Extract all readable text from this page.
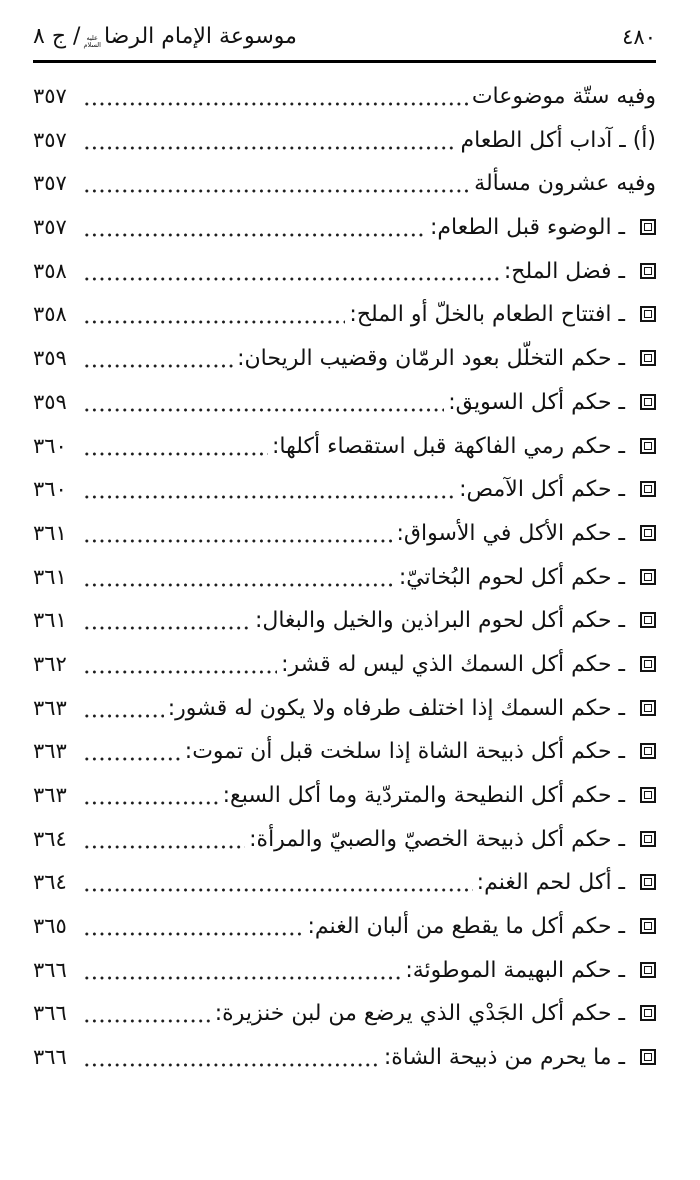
موسوعة الإمام الرضا
عليه
السلام
/ ج ٨	٤٨٠
وفيه ستّة موضوعات
٣٥٧
(أ) ـ آداب أكل الطعام
٣٥٧
وفيه عشرون مسألة
٣٥٧
ـ الوضوء قبل الطعام:
٣٥٧
ـ فضل الملح:
٣٥٨
ـ افتتاح الطعام بالخلّ أو الملح:
٣٥٨
ـ حكم التخلّل بعود الرمّان وقضيب الريحان:
٣٥٩
ـ حكم أكل السويق:
٣٥٩
ـ حكم رمي الفاكهة قبل استقصاء أكلها:
٣٦٠
ـ حكم أكل الآمص:
٣٦٠
ـ حكم الأكل في الأسواق:
٣٦١
ـ حكم أكل لحوم البُخاتيّ:
٣٦١
ـ حكم أكل لحوم البراذين والخيل والبغال:
٣٦١
ـ حكم أكل السمك الذي ليس له قشر:
٣٦٢
ـ حكم السمك إذا اختلف طرفاه ولا يكون له قشور:
٣٦٣
ـ حكم أكل ذبيحة الشاة إذا سلخت قبل أن تموت:
٣٦٣
ـ حكم أكل النطيحة والمتردّية وما أكل السبع:
٣٦٣
ـ حكم أكل ذبيحة الخصيّ والصبيّ والمرأة:
٣٦٤
ـ أكل لحم الغنم:
٣٦٤
ـ حكم أكل ما يقطع من ألبان الغنم:
٣٦٥
ـ حكم البهيمة الموطوئة:
٣٦٦
ـ حكم أكل الجَدْي الذي يرضع من لبن خنزيرة:
٣٦٦
ـ ما يحرم من ذبيحة الشاة:
٣٦٦
